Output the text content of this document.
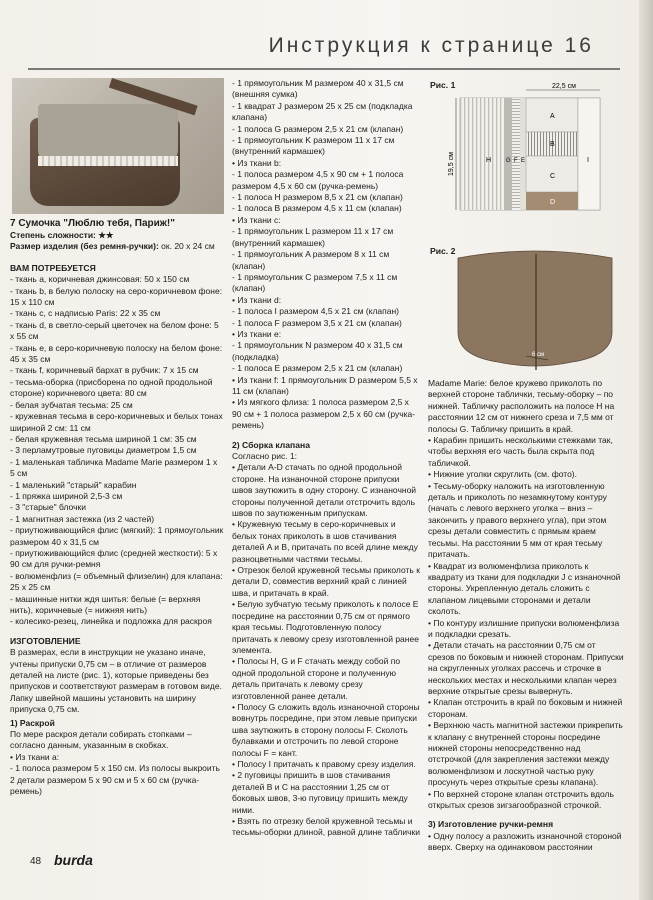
Инструкция к странице 16

7 Сумочка "Люблю тебя, Париж!"

Степень сложности: ★★

Размер изделия (без ремня-ручки): ок. 20 x 24 см

ВАМ ПОТРЕБУЕТСЯ

- ткань a, коричневая джинсовая: 50 x 150 см

- ткань b, в белую полоску на серо-коричневом фоне: 15 x 110 см

- ткань c, с надписью Paris: 22 x 35 см

- ткань d, в светло-серый цветочек на белом фоне: 5 x 55 см

- ткань e, в серо-коричневую полоску на белом фоне: 45 x 35 см

- ткань f, коричневый бархат в рубчик: 7 x 15 см

- тесьма-оборка (присборена по одной продольной стороне) коричневого цвета: 80 см

- белая зубчатая тесьма: 25 см

- кружевная тесьма в серо-коричневых и белых тонах шириной 2 см: 11 см

- белая кружевная тесьма шириной 1 см: 35 см

- 3 перламутровые пуговицы диаметром 1,5 см

- 1 маленькая табличка Madame Marie размером 1 x 5 см

- 1 маленький "старый" карабин

- 1 пряжка шириной 2,5-3 см

- 3 "старые" блочки

- 1 магнитная застежка (из 2 частей)

- приутюживающийся флис (мягкий): 1 прямоугольник размером 40 x 31,5 см

- приутюживающийся флис (средней жесткости): 5 x 90 см для ручки-ремня

- волюменфлиз (= объемный флизелин) для клапана: 25 x 25 см

- машинные нитки ждя шитья: белые (= верхняя нить), коричневые (= нижняя нить)

- колесико-резец, линейка и подложка для раскроя

ИЗГОТОВЛЕНИЕ

В размерах, если в инструкции не указано иначе, учтены припуски 0,75 см – в отличие от размеров деталей на листе (рис. 1), которые приведены без припусков и соответствуют размерам в готовом виде. Лапку швейной машины установить на ширину припуска 0,75 см.

1) Раскрой

По мере раскроя детали собирать стопками – согласно данным, указанным в скобках.

• Из ткани a:

- 1 полоса размером 5 x 150 см. Из полосы выкроить 2 детали размером 5 x 90 см и 5 x 60 см (ручка-ремень)

- 1 прямоугольник M размером 40 x 31,5 см (внешняя сумка)

- 1 квадрат J размером 25 x 25 см (подкладка клапана)

- 1 полоса G размером 2,5 x 21 см (клапан)

- 1 прямоугольник K размером 11 x 17 см (внутренний кармашек)

• Из ткани b:

- 1 полоса размером 4,5 x 90 см + 1 полоса размером 4,5 x 60 см (ручка-ремень)

- 1 полоса H размером 8,5 x 21 см (клапан)

- 1 полоса B размером 4,5 x 11 см (клапан)

• Из ткани c:

- 1 прямоугольник L размером 11 x 17 см (внутренний кармашек)

- 1 прямоугольник A размером 8 x 11 см (клапан)

- 1 прямоугольник C размером 7,5 x 11 см (клапан)

• Из ткани d:

- 1 полоса I размером 4,5 x 21 см (клапан)

- 1 полоса F размером 3,5 x 21 см (клапан)

• Из ткани e:

- 1 прямоугольник N размером 40 x 31,5 см (подкладка)

- 1 полоса E размером 2,5 x 21 см (клапан)

• Из ткани f: 1 прямоугольник D размером 5,5 x 11 см (клапан)

• Из мягкого флиза: 1 полоса размером 2,5 x 90 см + 1 полоса размером 2,5 x 60 см (ручка-ремень)

2) Сборка клапана

Согласно рис. 1:

• Детали A-D стачать по одной продольной стороне. На изнаночной стороне припуски швов заутюжить в одну сторону. С изнаночной стороны полученной детали отстрочить вдоль швов по заутюженным припускам.

• Кружевную тесьму в серо-коричневых и белых тонах приколоть в шов стачивания деталей A и B, притачать по всей длине между разноцветными частями тесьмы.

• Отрезок белой кружевной тесьмы приколоть к детали D, совместив верхний край с линией шва, и притачать в край.

• Белую зубчатую тесьму приколоть к полосе E посредине на расстоянии 0,75 см от прямого края тесьмы. Подготовленную полосу притачать к левому срезу изготовленной ранее элемента.

• Полосы H, G и F стачать между собой по одной продольной стороне и полученную деталь притачать к левому срезу изготовленной ранее детали.

• Полосу G сложить вдоль изнаночной стороны вовнутрь посредине, при этом левые припуски шва заутюжить в сторону полосы F. Сколоть булавками и отстрочить по левой стороне полосы F = кант.

• Полосу I притачать к правому срезу изделия.

• 2 пуговицы пришить в шов стачивания деталей B и C на расстоянии 1,25 см от боковых швов, 3-ю пуговицу пришить между ними.

• Взять по отрезку белой кружевной тесьмы и тесьмы-оборки длиной, равной длине таблички

Рис. 1
Рис. 2
22,5 см
19,5 см	H G F E
A
B
C
D
I
6 см

Madame Marie: белое кружево приколоть по верхней стороне таблички, тесьму-оборку – по нижней. Табличку расположить на полосе H на расстоянии 12 см от нижнего среза и 7,5 мм от полосы G. Табличку пришить в край.

• Карабин пришить несколькими стежками так, чтобы верхняя его часть была скрыта под табличкой.

• Нижние уголки скруглить (см. фото).

• Тесьму-оборку наложить на изготовленную деталь и приколоть по незамкнутому контуру (начать с левого верхнего уголка – вниз – закончить у правого верхнего угла), при этом срезы детали совместить с прямым краем тесьмы. На расстоянии 5 мм от края тесьму притачать.

• Квадрат из волюменфлиза приколоть к квадрату из ткани для подкладки J с изнаночной стороны. Укрепленную деталь сложить с клапаном лицевыми сторонами и детали сколоть.

• По контуру излишние припуски волюменфлиза и подкладки срезать.

• Детали стачать на расстоянии 0,75 см от срезов по боковым и нижней сторонам. Припуски на скругленных уголках рассечь и строчке в нескольких местах и несколькими клапан через верхние открытые срезы вывернуть.

• Клапан отстрочить в край по боковым и нижней сторонам.

• Верхнюю часть магнитной застежки прикрепить к клапану с внутренней стороны посредине нижней стороны непосредственно над отстрочкой (для закрепления застежки между волюменфлизом и лоскутной частью руку просунуть через открытые срезы клапана).

• По верхней стороне клапан отстрочить вдоль открытых срезов зигзагообразной строчкой.

3) Изготовление ручки-ремня

• Одну полосу a разложить изнаночной стороной вверх. Сверху на одинаковом расстоянии

48 burda
